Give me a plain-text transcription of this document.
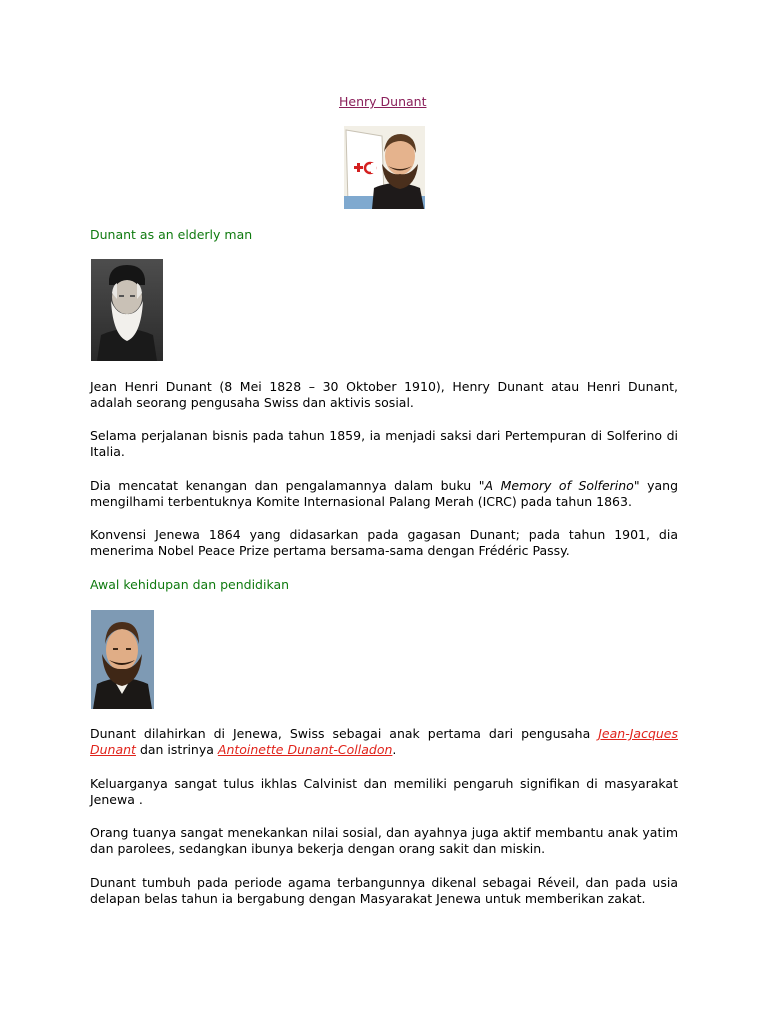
Henry Dunant
Dunant as an elderly man
Jean Henri Dunant (8 Mei 1828 – 30 Oktober 1910), Henry Dunant atau Henri Dunant,
adalah seorang pengusaha Swiss dan aktivis sosial.
Selama perjalanan bisnis pada tahun 1859, ia menjadi saksi dari Pertempuran di Solferino di
Italia.
Dia mencatat kenangan dan pengalamannya dalam buku "A Memory of Solferino" yang
mengilhami terbentuknya Komite Internasional Palang Merah (ICRC) pada tahun 1863.
Konvensi Jenewa 1864 yang didasarkan pada gagasan Dunant; pada tahun 1901, dia
menerima Nobel Peace Prize pertama bersama-sama dengan Frédéric Passy.
Awal kehidupan dan pendidikan
Dunant dilahirkan di Jenewa, Swiss sebagai anak pertama dari pengusaha Jean-Jacques
Dunant dan istrinya Antoinette Dunant-Colladon.
Keluarganya sangat tulus ikhlas Calvinist dan memiliki pengaruh signifikan di masyarakat
Jenewa .
Orang tuanya sangat menekankan nilai sosial, dan ayahnya juga aktif membantu anak yatim
dan parolees, sedangkan ibunya bekerja dengan orang sakit dan miskin.
Dunant tumbuh pada periode agama terbangunnya dikenal sebagai Réveil, dan pada usia
delapan belas tahun ia bergabung dengan Masyarakat Jenewa untuk memberikan zakat.
